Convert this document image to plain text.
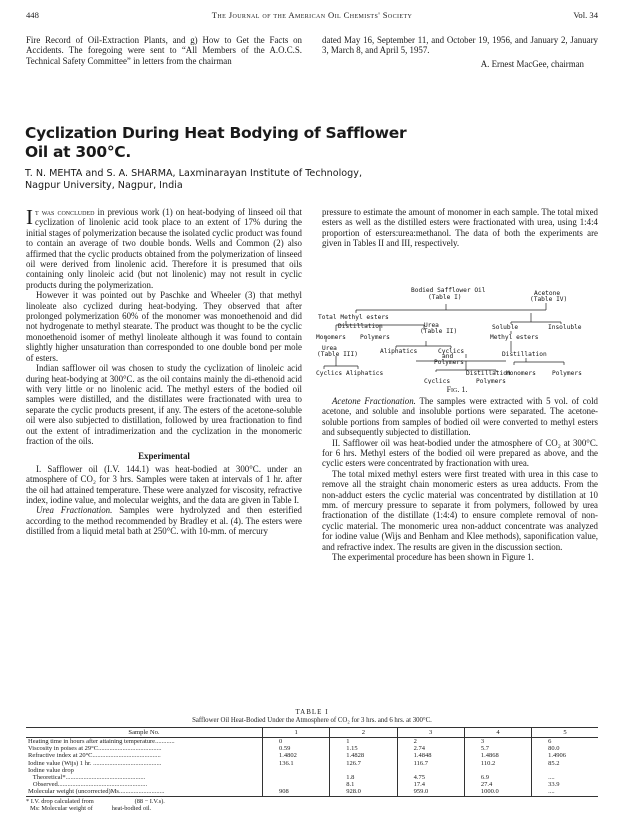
448	The Journal of the American Oil Chemists' Society	Vol. 34

Fire Record of Oil-Extraction Plants, and g) How to Get the Facts on Accidents. The foregoing were sent to “All Members of the A.O.C.S. Technical Safety Committee” in letters from the chairman

dated May 16, September 11, and October 19, 1956, and January 2, January 3, March 8, and April 5, 1957.

A. Ernest MacGee, chairman

Cyclization During Heat Bodying of Safflower
Oil at 300°C.
T. N. MEHTA and S. A. SHARMA, Laxminarayan Institute of Technology,
Nagpur University, Nagpur, India

It was concluded in previous work (1) on heat-bodying of linseed oil that cyclization of linolenic acid took place to an extent of 17% during the initial stages of polymerization because the isolated cyclic product was found to contain an average of two double bonds. Wells and Common (2) also affirmed that the cyclic products obtained from the polymerization of linseed oil were derived from linolenic acid. Therefore it is presumed that oils containing only linoleic acid (but not linolenic) may not result in cyclic products during the polymerization.

However it was pointed out by Paschke and Wheeler (3) that methyl linoleate also cyclized during heat-bodying. They observed that after prolonged polymerization 60% of the monomer was monoethenoid and did not hydrogenate to methyl stearate. The product was thought to be the cyclic monoethenoid isomer of methyl linoleate although it was found to contain slightly higher unsaturation than corresponded to one double bond per mole of esters.

Indian safflower oil was chosen to study the cyclization of linoleic acid during heat-bodying at 300°C. as the oil contains mainly the di-ethenoid acid with very little or no linolenic acid. The methyl esters of the bodied oil samples were distilled, and the distillates were fractionated with urea to separate the cyclic products present, if any. The esters of the acetone-soluble oil were also subjected to distillation, followed by urea fractionation to find out the extent of intradimerization and the cyclization in the monomeric fraction of the oils.

Experimental

I. Safflower oil (I.V. 144.1) was heat-bodied at 300°C. under an atmosphere of CO₂ for 3 hrs. Samples were taken at intervals of 1 hr. after the oil had attained temperature. These were analyzed for viscosity, refractive index, iodine value, and molecular weights, and the data are given in Table I.

Urea Fractionation. Samples were hydrolyzed and then esterified according to the method recommended by Bradley et al. (4). The esters were distilled from a liquid metal bath at 250°C. with 10-mm. of mercury

pressure to estimate the amount of monomer in each sample. The total mixed esters as well as the distilled esters were fractionated with urea, using 1:4:4 proportion of esters:urea:methanol. The data of both the experiments are given in Tables II and III, respectively.

Bodied Safflower Oil
(Table I)
Total Methyl esters
Acetone
(Table IV)
Distillation	Urea
(Table II)
Soluble	Insoluble
Monomers Polymers	Methyl esters
Urea
(Table III)	Aliphatics	Cyclics
and
Polymers
Distillation
Cyclics Aliphatics	Distillation
Monomers	Polymers
Cyclics	Polymers
Fig. 1.

Acetone Fractionation. The samples were extracted with 5 vol. of cold acetone, and soluble and insoluble portions were separated. The acetone-soluble portions from samples of bodied oil were converted to methyl esters and subsequently subjected to distillation.

II. Safflower oil was heat-bodied under the atmosphere of CO₂ at 300°C. for 6 hrs. Methyl esters of the bodied oil were prepared as above, and the cyclic esters were concentrated by fractionation with urea.

The total mixed methyl esters were first treated with urea in this case to remove all the straight chain monomeric esters as urea adducts. From the non-adduct esters the cyclic material was concentrated by distillation at 10 mm. of mercury pressure to separate it from polymers, followed by urea fractionation of the distillate (1:4:4) to ensure complete removal of non-cyclic material. The monomeric urea non-adduct concentrate was analyzed for iodine value (Wijs and Benham and Klee methods), saponification value, and refractive index. The results are given in the discussion section.

The experimental procedure has been shown in Figure 1.

TABLE I
Safflower Oil Heat-Bodied Under the Atmosphere of CO₂ for 3 hrs. and 6 hrs. at 300°C.
Sample No.	1	2	3	4	5
Heating time in hours after attaining temperature............	0	1	2	3	6
Viscosity in poises at 29°C.......................................	0.59	1.15	2.74	5.7	80.0
Refractive index at 20°C..........................................	1.4802	1.4828	1.4848	1.4868	1.4906
Iodine value (Wijs) 1 hr. ..........................................	136.1	126.7	116.7	110.2	85.2
Iodine value drop					
Theoretical*.................................................		1.8	4.75	6.9	....
Observed.......................................................		8.1	17.4	27.4	33.9
Molecular weight (uncorrected)Ms............................	908	928.0	959.0	1000.0	....
* I.V. drop calculated from	(88 − I.V.s).
Ms: Molecular weight of	heat-bodied oil.
